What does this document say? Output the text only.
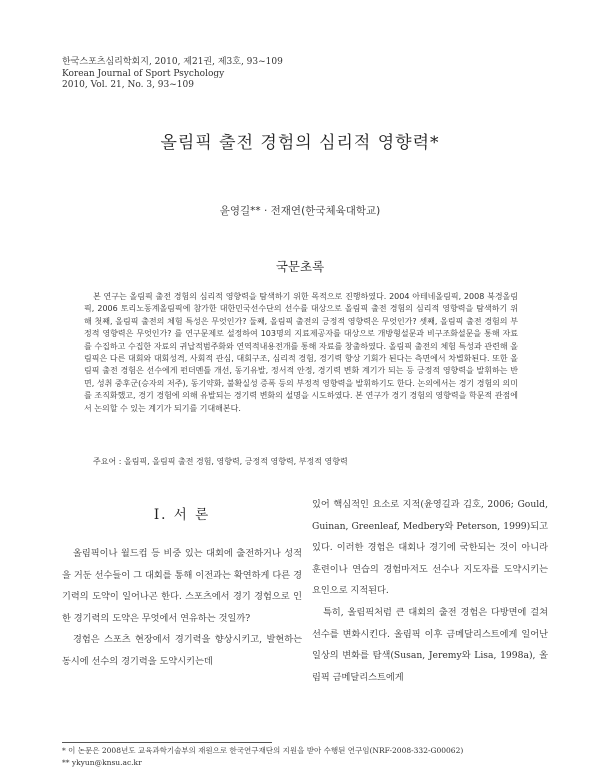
한국스포츠심리학회지, 2010, 제21권, 제3호, 93~109
Korean Journal of Sport Psychology
2010, Vol. 21, No. 3, 93~109
올림픽 출전 경험의 심리적 영향력*
윤영길** · 전재연(한국체육대학교)
국문초록
본 연구는 올림픽 출전 경험의 심리적 영향력을 탐색하기 위한 목적으로 진행하였다. 2004 아테네올림픽, 2008 북경올림픽, 2006 토리노동계올림픽에 참가한 대한민국선수단의 선수를 대상으로 올림픽 출전 경험의 심리적 영향력을 탐색하기 위해 첫째, 올림픽 출전의 체험 특성은 무엇인가? 둘째, 올림픽 출전의 긍정적 영향력은 무엇인가? 셋째, 올림픽 출전 경험의 부정적 영향력은 무엇인가? 를 연구문제로 설정하여 103명의 지료제공자를 대상으로 개방형설문과 비구조화설문을 통해 자료를 수집하고 수집한 자료의 귀납적범주화와 연역적내용전개를 통해 자료를 창출하였다. 올림픽 출전의 체험 특성과 관련해 올림픽은 다른 대회와 대회성격, 사회적 관심, 대회구조, 심리적 경험, 경기력 향상 기회가 된다는 측면에서 차별화된다. 또한 올림픽 출전 경험은 선수에게 펀더멘틀 개선, 동기유발, 정서적 안정, 경기력 변화 계기가 되는 등 긍정적 영향력을 발휘하는 반면, 성취 중후군(승자의 저주), 동기약화, 불확실성 증폭 등의 부정적 영향력을 발휘하기도 한다. 논의에서는 경기 경험의 의미를 조직화했고, 경기 경험에 의해 유발되는 경기력 변화의 설명을 시도하였다. 본 연구가 경기 경험의 영향력을 학문적 관점에서 논의할 수 있는 계기가 되기를 기대해본다.
주요어 : 올림픽, 올림픽 출전 경험, 영향력, 긍정적 영향력, 부정적 영향력
I. 서 론

올림픽이나 월드컵 등 비중 있는 대회에 출전하거나 성적을 거둔 선수들이 그 대회를 통해 이전과는 확연하게 다른 경기력의 도약이 일어나곤 한다. 스포츠에서 경기 경험으로 인한 경기력의 도약은 무엇에서 연유하는 것일까?

경험은 스포츠 현장에서 경기력을 향상시키고, 발현하는 동시에 선수의 경기력을 도약시키는데

있어 핵심적인 요소로 지적(윤영길과 김호, 2006; Gould, Guinan, Greenleaf, Medbery와 Peterson, 1999)되고 있다. 이러한 경험은 대회나 경기에 국한되는 것이 아니라 훈련이나 연습의 경험마저도 선수나 지도자를 도약시키는 요인으로 지적된다.

특히, 올림픽처럼 큰 대회의 출전 경험은 다방면에 걸쳐 선수를 변화시킨다. 올림픽 이후 금메달리스트에게 일어난 일상의 변화를 탐색(Susan, Jeremy와 Lisa, 1998a), 올림픽 금메달리스트에게

* 이 논문은 2008년도 교육과학기술부의 재원으로 한국연구재단의 지원을 받아 수행된 연구임(NRF-2008-332-G00062)
** ykyun@knsu.ac.kr
